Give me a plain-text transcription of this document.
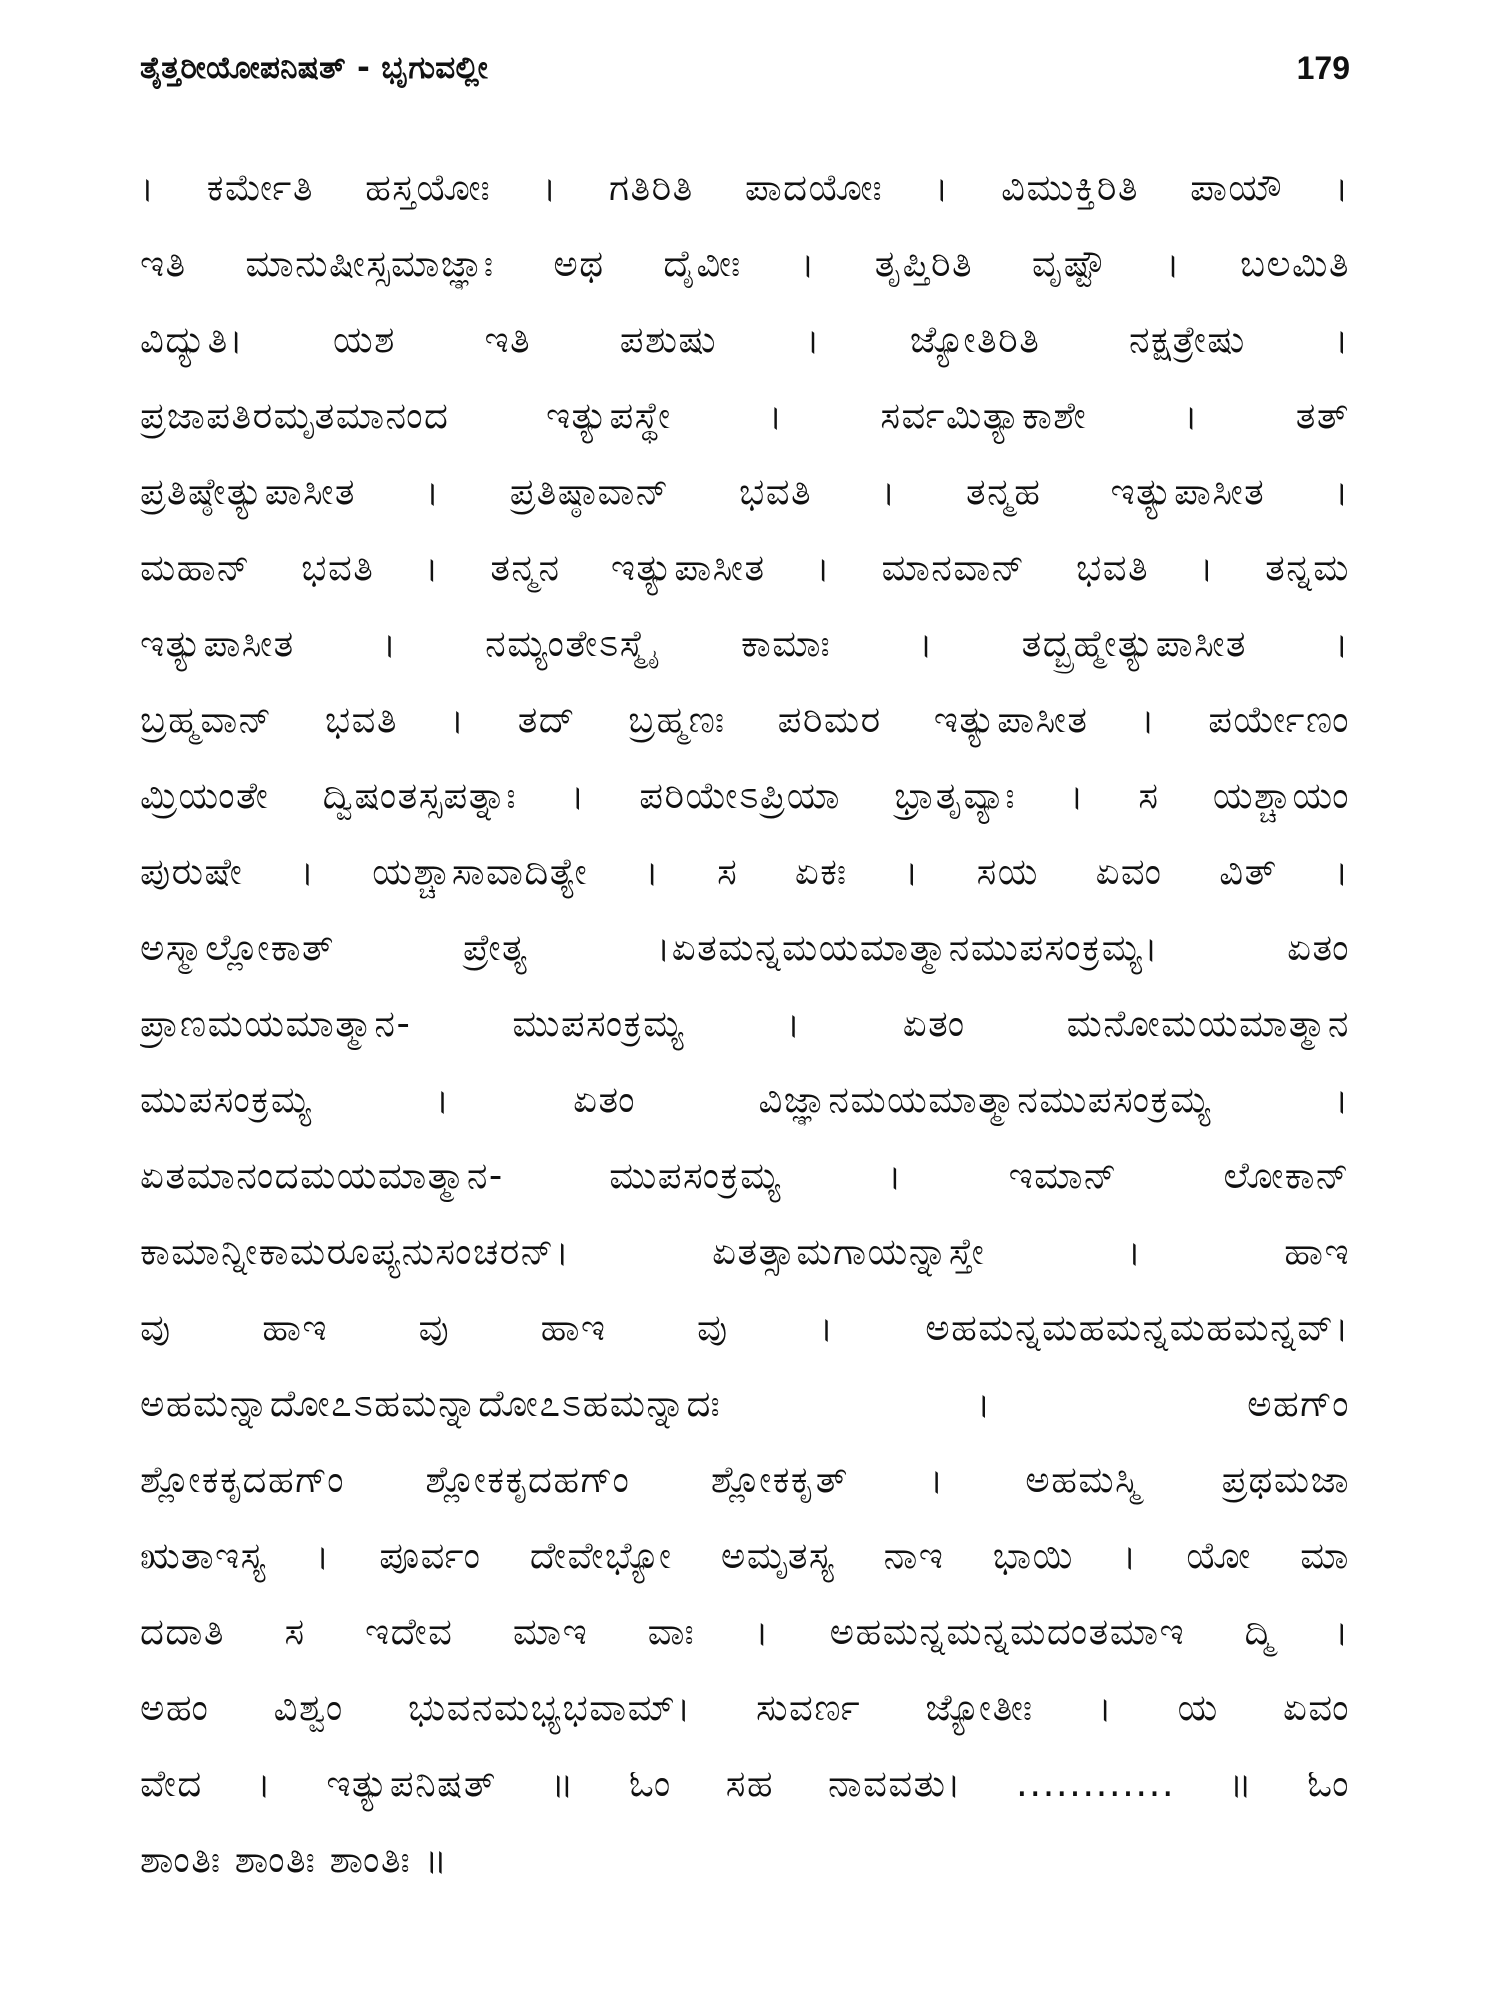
ತೈತ್ತರೀಯೋಪನಿಷತ್ - ಭೃಗುವಲ್ಲೀ	179
। ಕರ್ಮೇತಿ ಹಸ್ತಯೋಃ । ಗತಿರಿತಿ ಪಾದಯೋಃ । ವಿಮುಕ್ತಿರಿತಿ ಪಾಯೌ ।
ಇತಿ ಮಾನುಷೀಸ್ಸಮಾಜ್ಞಾಃ ಅಥ ದೈವೀಃ । ತೃಪ್ತಿರಿತಿ ವೃಷ್ಟೌ । ಬಲಮಿತಿ
ವಿದ್ಯುತಿ। ಯಶ ಇತಿ ಪಶುಷು । ಜ್ಯೋತಿರಿತಿ ನಕ್ಷತ್ರೇಷು ।
ಪ್ರಜಾಪತಿರಮೃತಮಾನಂದ ಇತ್ಯುಪಸ್ಥೇ । ಸರ್ವಮಿತ್ಯಾಕಾಶೇ । ತತ್
ಪ್ರತಿಷ್ಠೇತ್ಯುಪಾಸೀತ । ಪ್ರತಿಷ್ಠಾವಾನ್ ಭವತಿ । ತನ್ಮಹ ಇತ್ಯುಪಾಸೀತ ।
ಮಹಾನ್ ಭವತಿ । ತನ್ಮನ ಇತ್ಯುಪಾಸೀತ । ಮಾನವಾನ್ ಭವತಿ । ತನ್ನಮ
ಇತ್ಯುಪಾಸೀತ । ನಮ್ಯಂತೇಽಸ್ಮೈ ಕಾಮಾಃ । ತದ್ಬ್ರಹ್ಮೇತ್ಯುಪಾಸೀತ ।
ಬ್ರಹ್ಮವಾನ್ ಭವತಿ । ತದ್ ಬ್ರಹ್ಮಣಃ ಪರಿಮರ ಇತ್ಯುಪಾಸೀತ । ಪರ್ಯೇಣಂ
ಮ್ರಿಯಂತೇ ದ್ವಿಷಂತಸ್ಸಪತ್ನಾಃ । ಪರಿಯೇಽಪ್ರಿಯಾ ಭ್ರಾತೃವ್ಯಾಃ । ಸ ಯಶ್ಚಾಯಂ
ಪುರುಷೇ । ಯಶ್ಚಾಸಾವಾದಿತ್ಯೇ । ಸ ಏಕಃ । ಸಯ ಏವಂ ವಿತ್ ।
ಅಸ್ಮಾಲ್ಲೋಕಾತ್ ಪ್ರೇತ್ಯ ।ಏತಮನ್ನಮಯಮಾತ್ಮಾನಮುಪಸಂಕ್ರಮ್ಯ। ಏತಂ
ಪ್ರಾಣಮಯಮಾತ್ಮಾನ- ಮುಪಸಂಕ್ರಮ್ಯ । ಏತಂ ಮನೋಮಯಮಾತ್ಮಾನ
ಮುಪಸಂಕ್ರಮ್ಯ । ಏತಂ ವಿಜ್ಞಾನಮಯಮಾತ್ಮಾನಮುಪಸಂಕ್ರಮ್ಯ ।
ಏತಮಾನಂದಮಯಮಾತ್ಮಾನ- ಮುಪಸಂಕ್ರಮ್ಯ । ಇಮಾನ್ ಲೋಕಾನ್
ಕಾಮಾನ್ನೀಕಾಮರೂಪ್ಯನುಸಂಚರನ್। ಏತತ್ಸಾಮಗಾಯನ್ನಾಸ್ತೇ । ಹಾಇ
ವು ಹಾಇ ವು ಹಾಇ ವು । ಅಹಮನ್ನಮಹಮನ್ನಮಹಮನ್ನವ್।
ಅಹಮನ್ನಾದೋ೭ಽಹಮನ್ನಾದೋ೭ಽಹಮನ್ನಾದಃ । ಅಹಗ್ಂ
ಶ್ಲೋಕಕೃದಹಗ್ಂ ಶ್ಲೋಕಕೃದಹಗ್ಂ ಶ್ಲೋಕಕೃತ್ । ಅಹಮಸ್ಮಿ ಪ್ರಥಮಜಾ
ಋತಾಇಸ್ಯ । ಪೂರ್ವಂ ದೇವೇಭ್ಯೋ ಅಮೃತಸ್ಯ ನಾಇ ಭಾಯಿ । ಯೋ ಮಾ
ದದಾತಿ ಸ ಇದೇವ ಮಾಇ ವಾಃ । ಅಹಮನ್ನಮನ್ನಮದಂತಮಾಇ ದ್ಮಿ ।
ಅಹಂ ವಿಶ್ವಂ ಭುವನಮಭ್ಯಭವಾಮ್। ಸುವರ್ಣ ಜ್ಯೋತೀಃ । ಯ ಏವಂ
ವೇದ । ಇತ್ಯುಪನಿಷತ್ ॥ ಓಂ ಸಹ ನಾವವತು। ............ ॥ ಓಂ
ಶಾಂತಿಃ ಶಾಂತಿಃ ಶಾಂತಿಃ ॥
